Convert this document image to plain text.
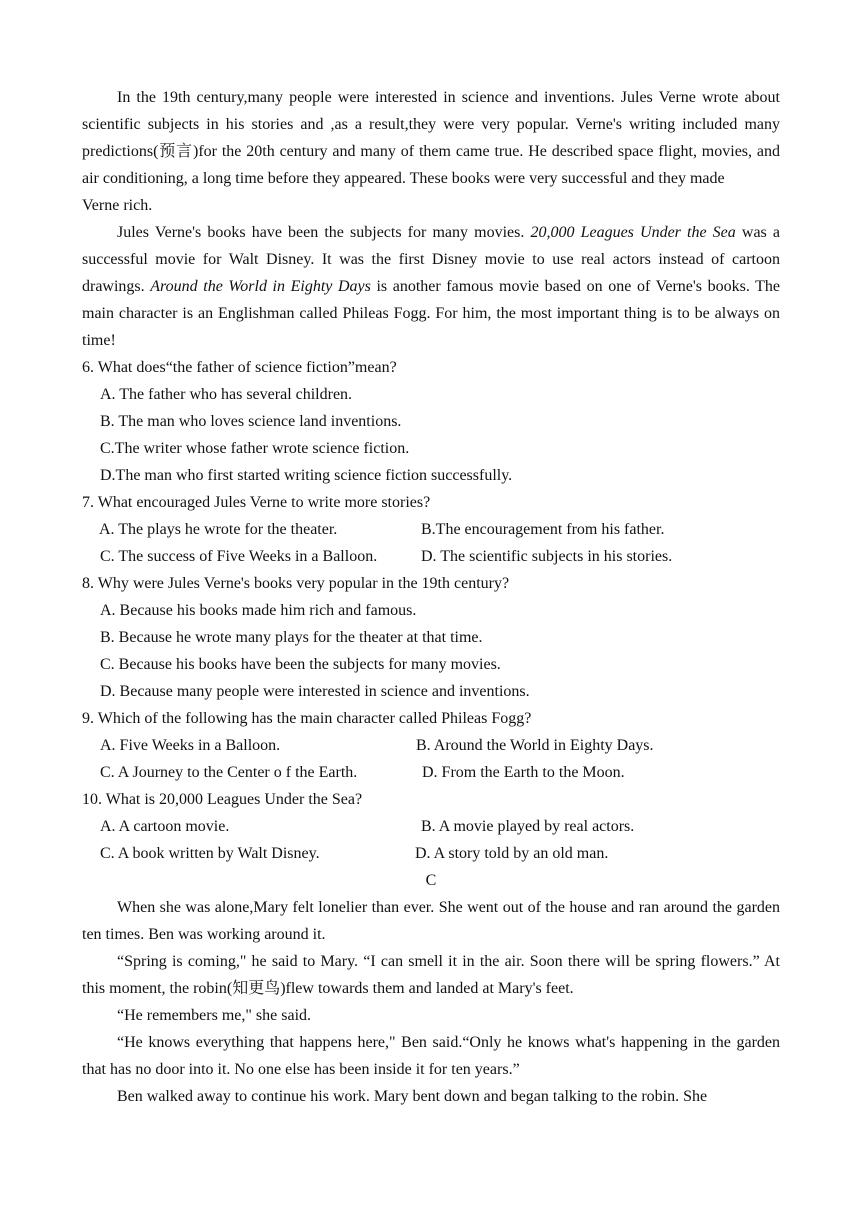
In the 19th century,many people were interested in science and inventions. Jules Verne wrote about scientific subjects in his stories and ,as a result,they were very popular. Verne's writing included many predictions(预言)for the 20th century and many of them came true. He described space flight, movies, and air conditioning, a long time before they appeared. These books were very successful and they made

Verne rich.

Jules Verne's books have been the subjects for many movies. 20,000 Leagues Under the Sea was a successful movie for Walt Disney. It was the first Disney movie to use real actors instead of cartoon drawings. Around the World in Eighty Days is another famous movie based on one of Verne's books. The main character is an Englishman called Phileas Fogg. For him, the most important thing is to be always on time!

6. What does“the father of science fiction”mean?

A. The father who has several children.

B. The man who loves science land inventions.

C.The writer whose father wrote science fiction.

D.The man who first started writing science fiction successfully.

7. What encouraged Jules Verne to write more stories?

A. The plays he wrote for the theater.	B.The encouragement from his father.
C. The success of Five Weeks in a Balloon.	D. The scientific subjects in his stories.

8. Why were Jules Verne's books very popular in the 19th century?

A. Because his books made him rich and famous.

B. Because he wrote many plays for the theater at that time.

C. Because his books have been the subjects for many movies.

D. Because many people were interested in science and inventions.

9. Which of the following has the main character called Phileas Fogg?

A. Five Weeks in a Balloon.	B. Around the World in Eighty Days.
C. A Journey to the Center o f the Earth.	D. From the Earth to the Moon.

10. What is 20,000 Leagues Under the Sea?

A. A cartoon movie.	B. A movie played by real actors.
C. A book written by Walt Disney.	D. A story told by an old man.

C

When she was alone,Mary felt lonelier than ever. She went out of the house and ran around the garden ten times. Ben was working around it.

“Spring is coming," he said to Mary. “I can smell it in the air. Soon there will be spring flowers.” At this moment, the robin(知更鸟)flew towards them and landed at Mary's feet.

“He remembers me," she said.

“He knows everything that happens here," Ben said.“Only he knows what's happening in the garden that has no door into it. No one else has been inside it for ten years.”

Ben walked away to continue his work. Mary bent down and began talking to the robin. She
